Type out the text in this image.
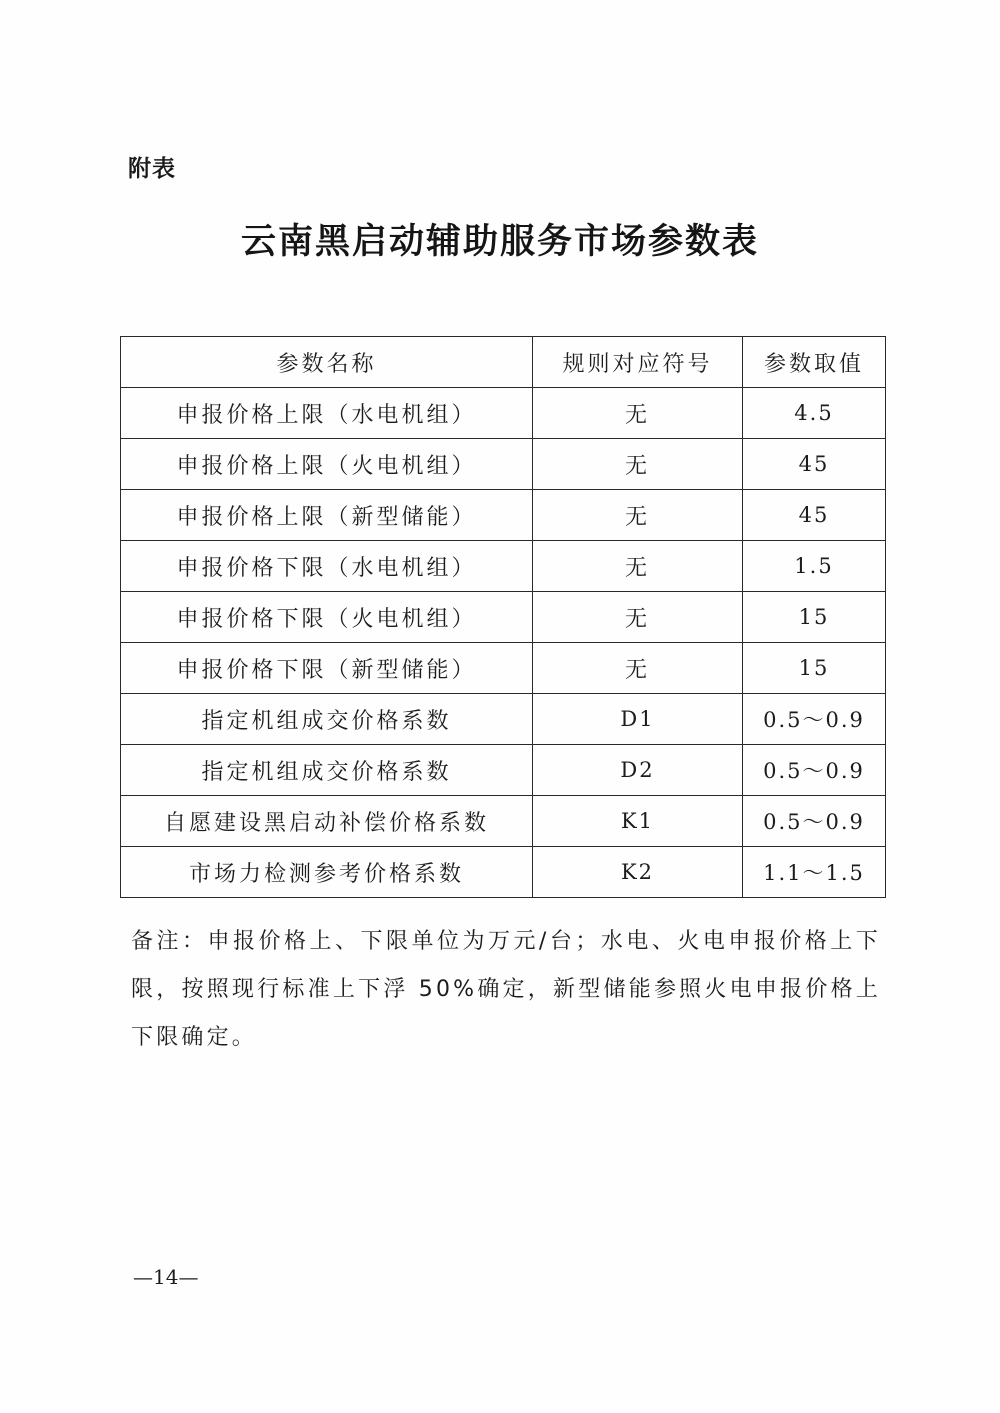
附表
云南黑启动辅助服务市场参数表
参数名称	规则对应符号	参数取值
申报价格上限（水电机组）	无	4.5
申报价格上限（火电机组）	无	45
申报价格上限（新型储能）	无	45
申报价格下限（水电机组）	无	1.5
申报价格下限（火电机组）	无	15
申报价格下限（新型储能）	无	15
指定机组成交价格系数	D1	0.5～0.9
指定机组成交价格系数	D2	0.5～0.9
自愿建设黑启动补偿价格系数	K1	0.5～0.9
市场力检测参考价格系数	K2	1.1～1.5
备注：申报价格上、下限单位为万元/台；水电、火电申报价格上下限，按照现行标准上下浮 50%确定，新型储能参照火电申报价格上下限确定。
—14—
